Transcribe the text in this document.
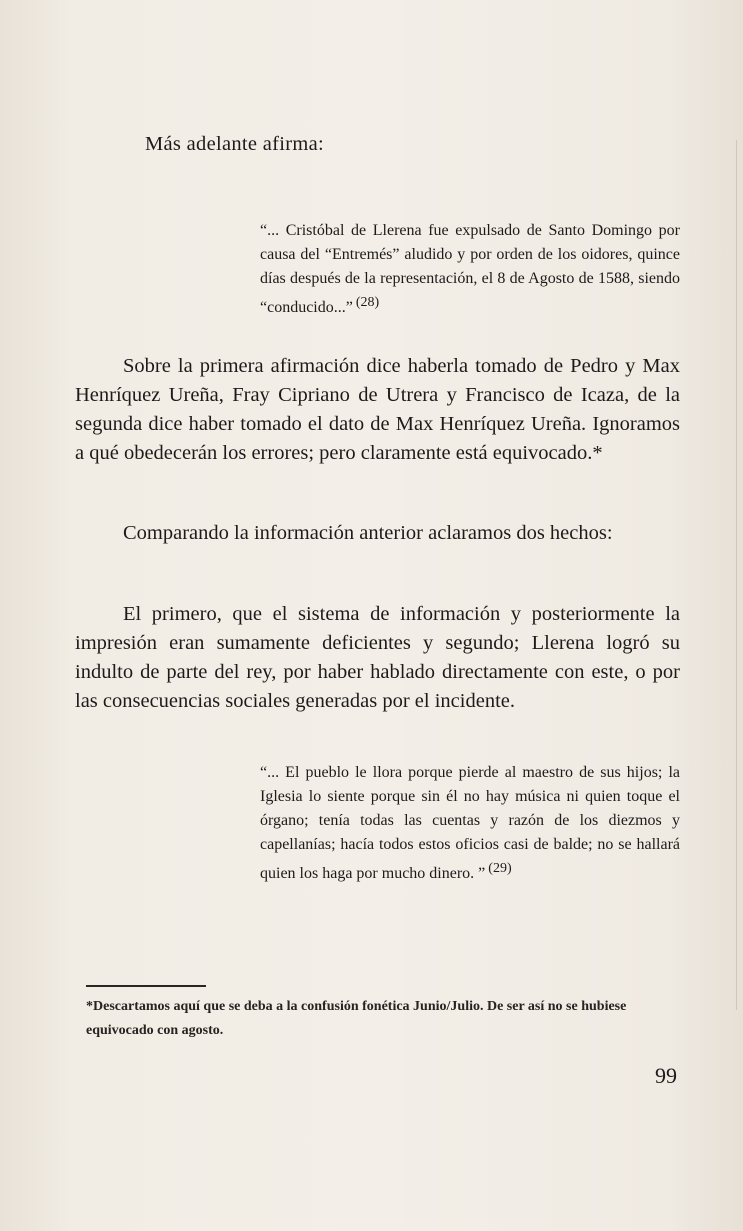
Más adelante afirma:

“... Cristóbal de Llerena fue expulsado de Santo Domingo por causa del “Entremés” aludido y por orden de los oidores, quince días después de la representación, el 8 de Agosto de 1588, siendo “conducido...” (28)

Sobre la primera afirmación dice haberla tomado de Pedro y Max Henríquez Ureña, Fray Cipriano de Utrera y Francisco de Icaza, de la segunda dice haber tomado el dato de Max Henríquez Ureña. Ignoramos a qué obedecerán los errores; pero claramente está equivocado.*

Comparando la información anterior aclaramos dos hechos:

El primero, que el sistema de información y posteriormente la impresión eran sumamente deficientes y segundo; Llerena logró su indulto de parte del rey, por haber hablado directamente con este, o por las consecuencias sociales generadas por el incidente.

“... El pueblo le llora porque pierde al maestro de sus hijos; la Iglesia lo siente porque sin él no hay música ni quien toque el órgano; tenía todas las cuentas y razón de los diezmos y capellanías; hacía todos estos oficios casi de balde; no se hallará quien los haga por mucho dinero. ” (29)

*Descartamos aquí que se deba a la confusión fonética Junio/Julio. De ser así no se hubiese equivocado con agosto.

99
